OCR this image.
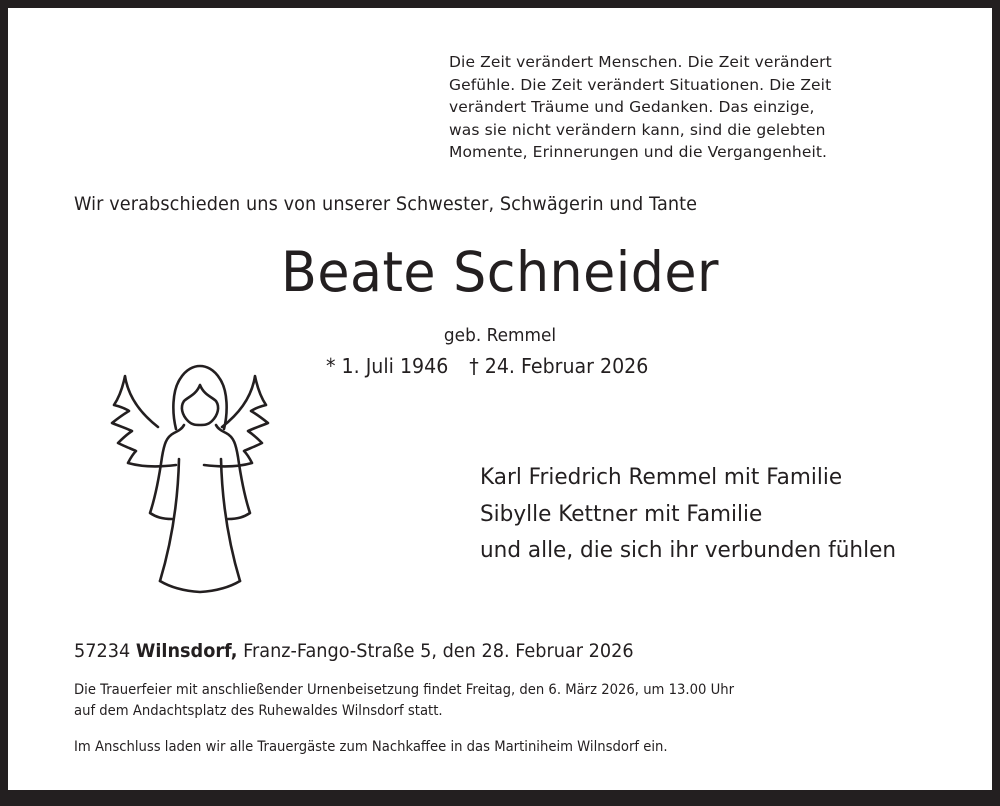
Die Zeit verändert Menschen. Die Zeit verändert
Gefühle. Die Zeit verändert Situationen. Die Zeit
verändert Träume und Gedanken. Das einzige,
was sie nicht verändern kann, sind die gelebten
Momente, Erinnerungen und die Vergangenheit.
Wir verabschieden uns von unserer Schwester, Schwägerin und Tante
Beate Schneider
geb. Remmel
* 1. Juli 1946 † 24. Februar 2026
Karl Friedrich Remmel mit Familie
Sibylle Kettner mit Familie
und alle, die sich ihr verbunden fühlen
57234 Wilnsdorf, Franz-Fango-Straße 5, den 28. Februar 2026
Die Trauerfeier mit anschließender Urnenbeisetzung findet Freitag, den 6. März 2026, um 13.00 Uhr
auf dem Andachtsplatz des Ruhewaldes Wilnsdorf statt.
Im Anschluss laden wir alle Trauergäste zum Nachkaffee in das Martiniheim Wilnsdorf ein.
